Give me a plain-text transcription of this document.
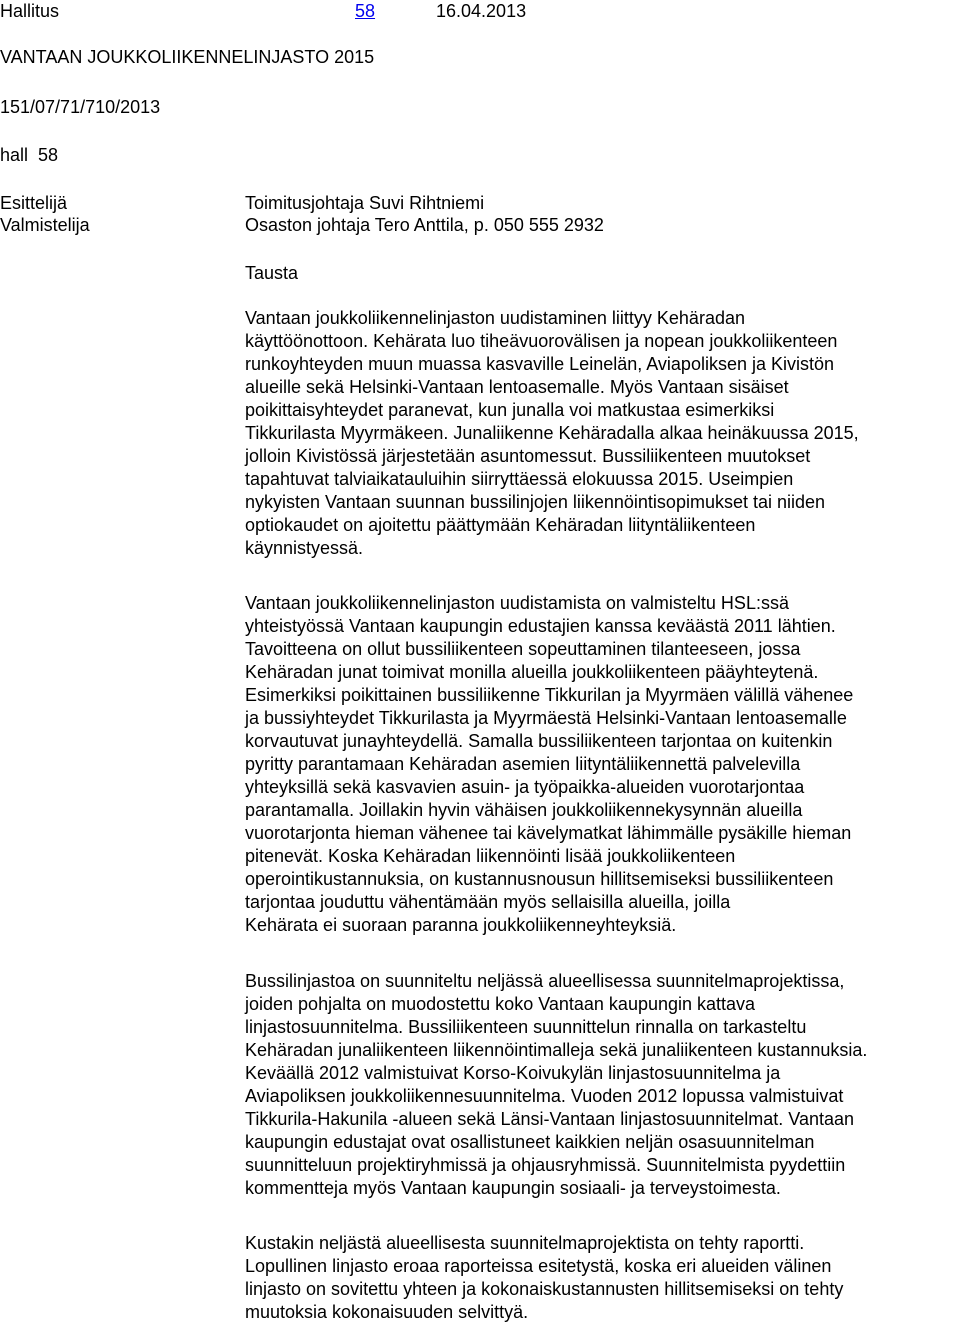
Hallitus	58	16.04.2013
VANTAAN JOUKKOLIIKENNELINJASTO 2015
151/07/71/710/2013
hall  58
Esittelijä	Toimitusjohtaja Suvi Rihtniemi
Valmistelija	Osaston johtaja Tero Anttila, p. 050 555 2932
Tausta
Vantaan joukkoliikennelinjaston uudistaminen liittyy Kehäradan
käyttöönottoon. Kehärata luo tiheävuorovälisen ja nopean joukkoliikenteen
runkoyhteyden muun muassa kasvaville Leinelän, Aviapoliksen ja Kivistön
alueille sekä Helsinki-Vantaan lentoasemalle. Myös Vantaan sisäiset
poikittaisyhteydet paranevat, kun junalla voi matkustaa esimerkiksi
Tikkurilasta Myyrmäkeen. Junaliikenne Kehäradalla alkaa heinäkuussa 2015,
jolloin Kivistössä järjestetään asuntomessut. Bussiliikenteen muutokset
tapahtuvat talviaikatauluihin siirryttäessä elokuussa 2015. Useimpien
nykyisten Vantaan suunnan bussilinjojen liikennöintisopimukset tai niiden
optiokaudet on ajoitettu päättymään Kehäradan liityntäliikenteen
käynnistyessä.
Vantaan joukkoliikennelinjaston uudistamista on valmisteltu HSL:ssä
yhteistyössä Vantaan kaupungin edustajien kanssa keväästä 2011 lähtien.
Tavoitteena on ollut bussiliikenteen sopeuttaminen tilanteeseen, jossa
Kehäradan junat toimivat monilla alueilla joukkoliikenteen pääyhteytenä.
Esimerkiksi poikittainen bussiliikenne Tikkurilan ja Myyrmäen välillä vähenee
ja bussiyhteydet Tikkurilasta ja Myyrmäestä Helsinki-Vantaan lentoasemalle
korvautuvat junayhteydellä. Samalla bussiliikenteen tarjontaa on kuitenkin
pyritty parantamaan Kehäradan asemien liityntäliikennettä palvelevilla
yhteyksillä sekä kasvavien asuin- ja työpaikka-alueiden vuorotarjontaa
parantamalla. Joillakin hyvin vähäisen joukkoliikennekysynnän alueilla
vuorotarjonta hieman vähenee tai kävelymatkat lähimmälle pysäkille hieman
pitenevät. Koska Kehäradan liikennöinti lisää joukkoliikenteen
operointikustannuksia, on kustannusnousun hillitsemiseksi bussiliikenteen
tarjontaa jouduttu vähentämään myös sellaisilla alueilla, joilla
Kehärata ei suoraan paranna joukkoliikenneyhteyksiä.
Bussilinjastoa on suunniteltu neljässä alueellisessa suunnitelmaprojektissa,
joiden pohjalta on muodostettu koko Vantaan kaupungin kattava
linjastosuunnitelma. Bussiliikenteen suunnittelun rinnalla on tarkasteltu
Kehäradan junaliikenteen liikennöintimalleja sekä junaliikenteen kustannuksia.
Keväällä 2012 valmistuivat Korso-Koivukylän linjastosuunnitelma ja
Aviapoliksen joukkoliikennesuunnitelma. Vuoden 2012 lopussa valmistuivat
Tikkurila-Hakunila -alueen sekä Länsi-Vantaan linjastosuunnitelmat. Vantaan
kaupungin edustajat ovat osallistuneet kaikkien neljän osasuunnitelman
suunnitteluun projektiryhmissä ja ohjausryhmissä. Suunnitelmista pyydettiin
kommentteja myös Vantaan kaupungin sosiaali- ja terveystoimesta.
Kustakin neljästä alueellisesta suunnitelmaprojektista on tehty raportti.
Lopullinen linjasto eroaa raporteissa esitetystä, koska eri alueiden välinen
linjasto on sovitettu yhteen ja kokonaiskustannusten hillitsemiseksi on tehty
muutoksia kokonaisuuden selvittyä.
